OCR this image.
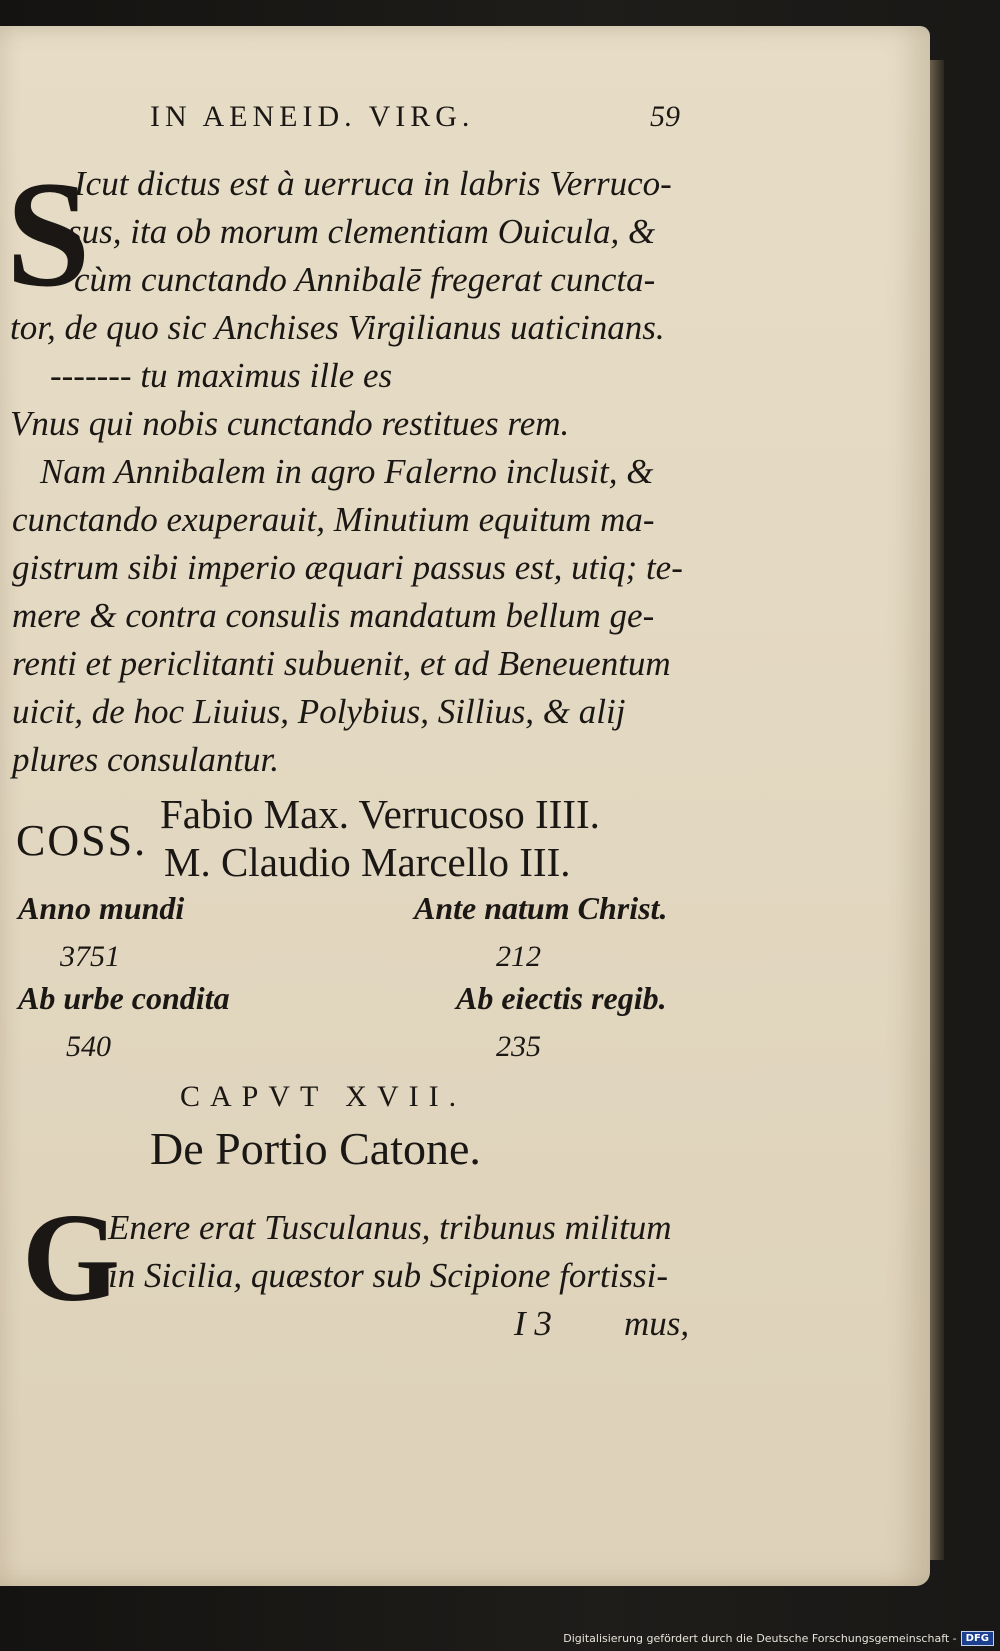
IN AENEID. VIRG.	59
S
Icut dictus est à uerruca in labris Verruco-
sus, ita ob morum clementiam Ouicula, &
cùm cunctando Annibalē fregerat cuncta-
tor, de quo sic Anchises Virgilianus uaticinans.
------- tu maximus ille es
Vnus qui nobis cunctando restitues rem.
Nam Annibalem in agro Falerno inclusit, &
cunctando exuperauit, Minutium equitum ma-
gistrum sibi imperio æquari passus est, utiq; te-
mere & contra consulis mandatum bellum ge-
renti et periclitanti subuenit, et ad Beneuentum
uicit, de hoc Liuius, Polybius, Sillius, & alij
plures consulantur.
COSS.
Fabio Max. Verrucoso IIII.
M. Claudio Marcello III.
Anno mundi	Ante natum Christ.
3751	212
Ab urbe condita	Ab eiectis regib.
540	235
CAPVT XVII.
De Portio Catone.
G
Enere erat Tusculanus, tribunus militum
in Sicilia, quæstor sub Scipione fortissi-
I 3 mus,
Digitalisierung gefördert durch die Deutsche Forschungsgemeinschaft - DFG
